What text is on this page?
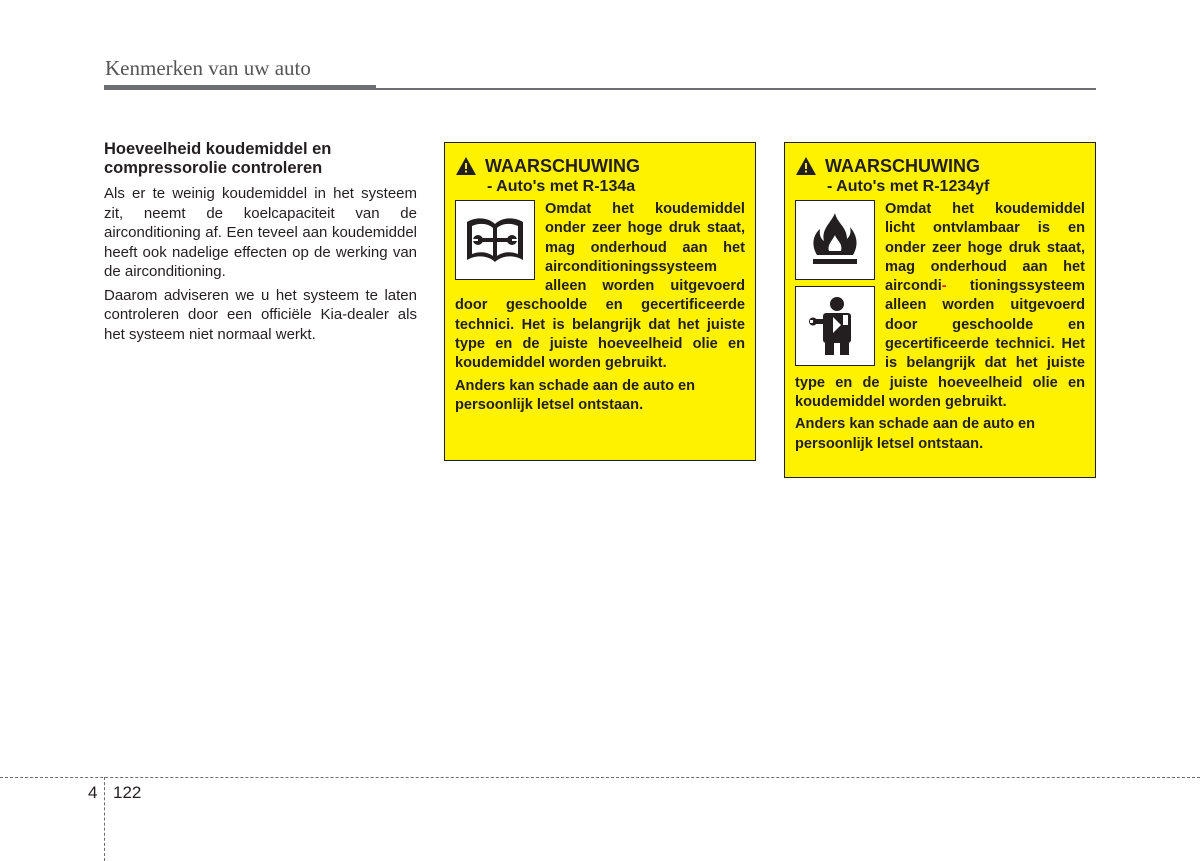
Kenmerken van uw auto
Hoeveelheid koudemiddel en
compressorolie controleren

Als er te weinig koudemiddel in het systeem zit, neemt de koelcapaciteit van de airconditioning af. Een teveel aan koudemiddel heeft ook nadelige effecten op de werking van de airconditioning.

Daarom adviseren we u het systeem te laten controleren door een officiële Kia-dealer als het systeem niet normaal werkt.

WAARSCHUWING
- Auto's met R-134a

Omdat het koudemiddel onder zeer hoge druk staat, mag onderhoud aan het airconditioningssysteem alleen worden uitgevoerd door geschoolde en gecertificeerde technici. Het is belangrijk dat het juiste type en de juiste hoeveelheid olie en koudemiddel worden gebruikt.

Anders kan schade aan de auto en persoonlijk letsel ontstaan.

WAARSCHUWING
- Auto's met R-1234yf

Omdat het koudemiddel licht ontvlambaar is en onder zeer hoge druk staat, mag onderhoud aan het aircondi- tioningssysteem alleen worden uitgevoerd door geschoolde en gecertificeerde technici. Het is belangrijk dat het juiste type en de juiste hoeveelheid olie en koudemiddel worden gebruikt.

Anders kan schade aan de auto en persoonlijk letsel ontstaan.

4 122
